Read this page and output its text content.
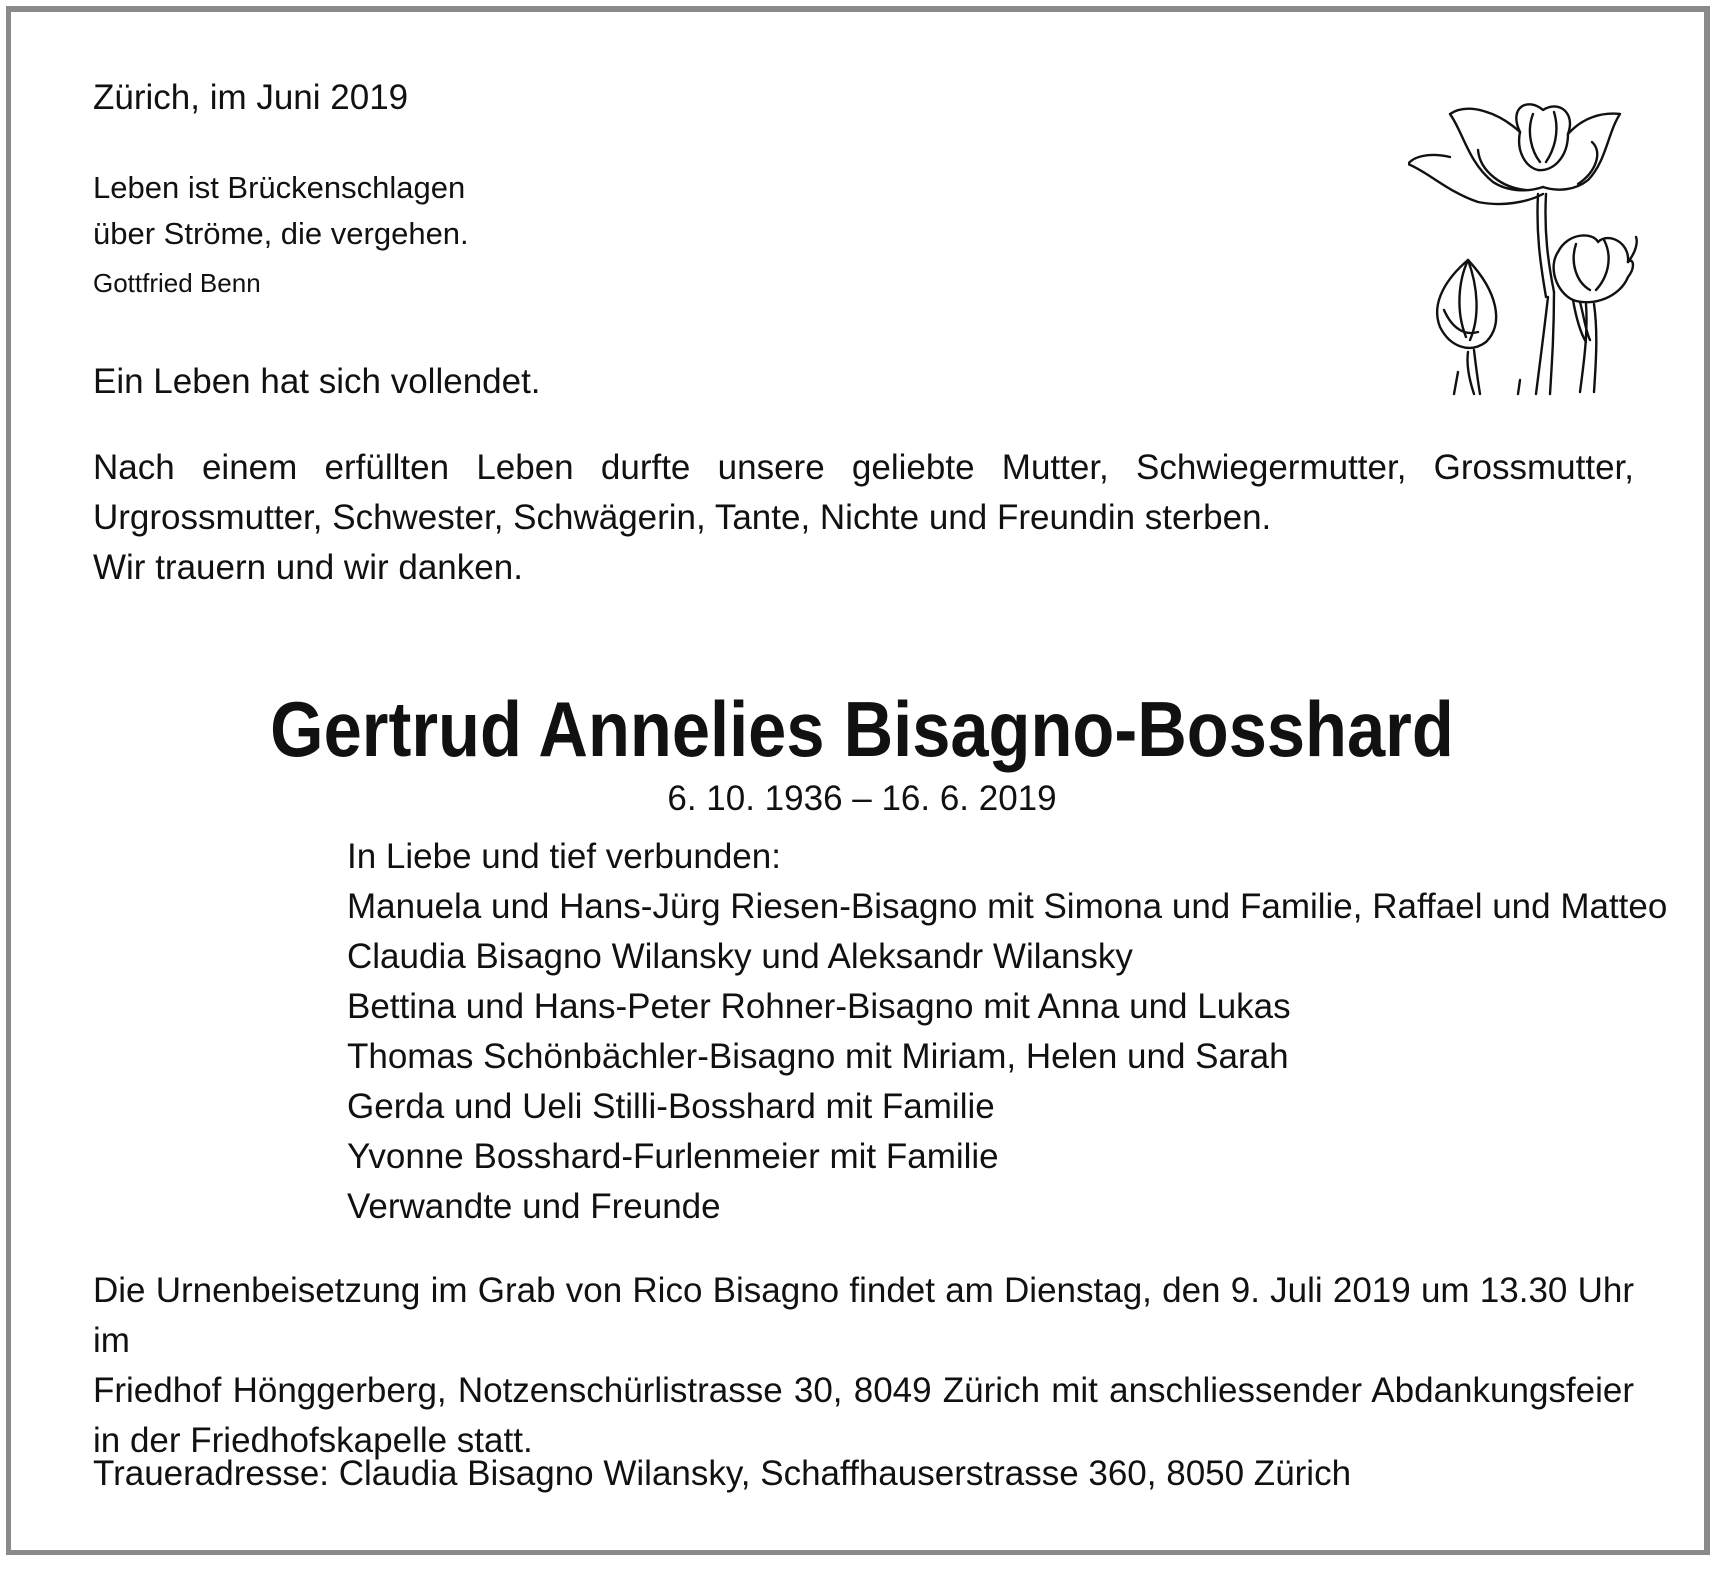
Zürich, im Juni 2019

Leben ist Brückenschlagen

über Ströme, die vergehen.

Gottfried Benn

Ein Leben hat sich vollendet.

Nach einem erfüllten Leben durfte unsere geliebte Mutter, Schwiegermutter, Grossmutter,
Urgrossmutter, Schwester, Schwägerin, Tante, Nichte und Freundin sterben.
Wir trauern und wir danken.
Gertrud Annelies Bisagno-Bosshard

6. 10. 1936 – 16. 6. 2019

In Liebe und tief verbunden:
Manuela und Hans-Jürg Riesen-Bisagno mit Simona und Familie, Raffael und Matteo
Claudia Bisagno Wilansky und Aleksandr Wilansky
Bettina und Hans-Peter Rohner-Bisagno mit Anna und Lukas
Thomas Schönbächler-Bisagno mit Miriam, Helen und Sarah
Gerda und Ueli Stilli-Bosshard mit Familie
Yvonne Bosshard-Furlenmeier mit Familie
Verwandte und Freunde
Die Urnenbeisetzung im Grab von Rico Bisagno findet am Dienstag, den 9. Juli 2019 um 13.30 Uhr im
Friedhof Hönggerberg, Notzenschürlistrasse 30, 8049 Zürich mit anschliessender Abdankungsfeier
in der Friedhofskapelle statt.

Traueradresse: Claudia Bisagno Wilansky, Schaffhauserstrasse 360, 8050 Zürich
